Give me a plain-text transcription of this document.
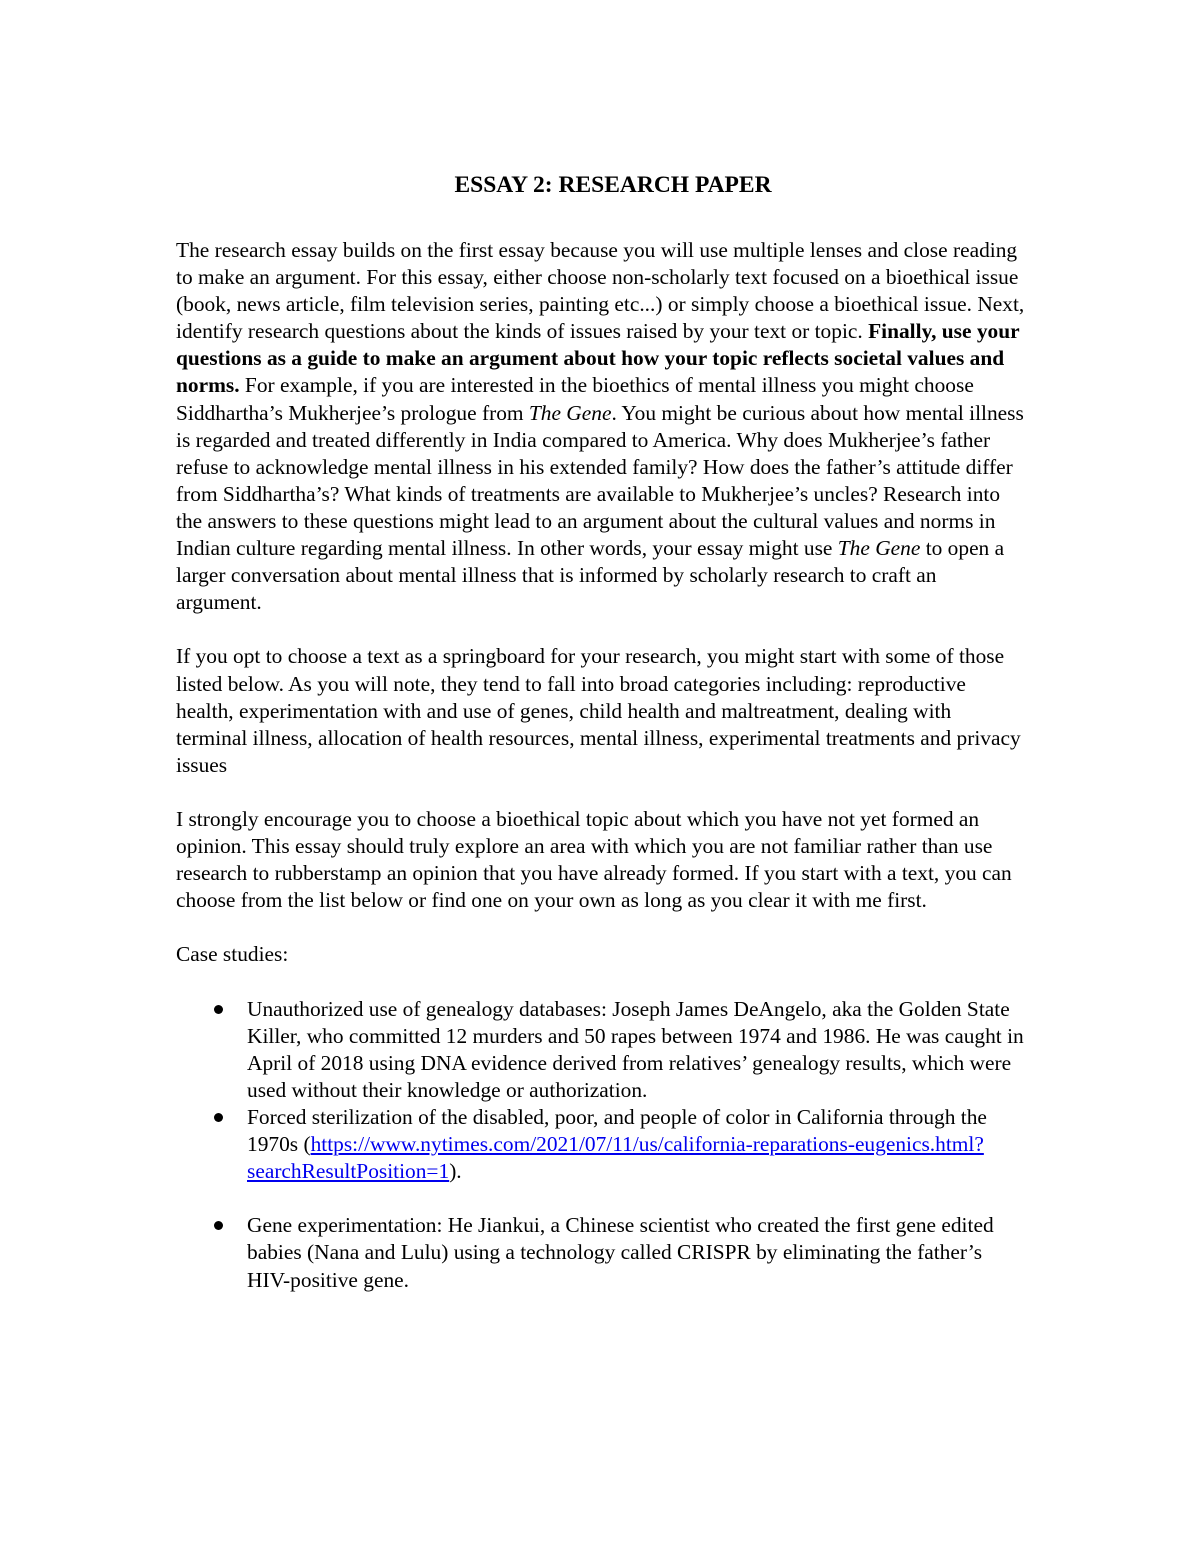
ESSAY 2: RESEARCH PAPER

The research essay builds on the first essay because you will use multiple lenses and close reading to make an argument. For this essay, either choose non-scholarly text focused on a bioethical issue (book, news article, film television series, painting etc...) or simply choose a bioethical issue. Next, identify research questions about the kinds of issues raised by your text or topic. Finally, use your questions as a guide to make an argument about how your topic reflects societal values and norms. For example, if you are interested in the bioethics of mental illness you might choose Siddhartha’s Mukherjee’s prologue from The Gene. You might be curious about how mental illness is regarded and treated differently in India compared to America. Why does Mukherjee’s father refuse to acknowledge mental illness in his extended family? How does the father’s attitude differ from Siddhartha’s? What kinds of treatments are available to Mukherjee’s uncles? Research into the answers to these questions might lead to an argument about the cultural values and norms in Indian culture regarding mental illness. In other words, your essay might use The Gene to open a larger conversation about mental illness that is informed by scholarly research to craft an argument.

If you opt to choose a text as a springboard for your research, you might start with some of those listed below. As you will note, they tend to fall into broad categories including: reproductive health, experimentation with and use of genes, child health and maltreatment, dealing with terminal illness, allocation of health resources, mental illness, experimental treatments and privacy issues

I strongly encourage you to choose a bioethical topic about which you have not yet formed an opinion. This essay should truly explore an area with which you are not familiar rather than use research to rubberstamp an opinion that you have already formed. If you start with a text, you can choose from the list below or find one on your own as long as you clear it with me first.

Case studies:

Unauthorized use of genealogy databases: Joseph James DeAngelo, aka the Golden State Killer, who committed 12 murders and 50 rapes between 1974 and 1986. He was caught in April of 2018 using DNA evidence derived from relatives’ genealogy results, which were used without their knowledge or authorization.
Forced sterilization of the disabled, poor, and people of color in California through the 1970s (https://www.nytimes.com/2021/07/11/us/california-reparations-eugenics.html?searchResultPosition=1).
Gene experimentation: He Jiankui, a Chinese scientist who created the first gene edited babies (Nana and Lulu) using a technology called CRISPR by eliminating the father’s HIV-positive gene.
